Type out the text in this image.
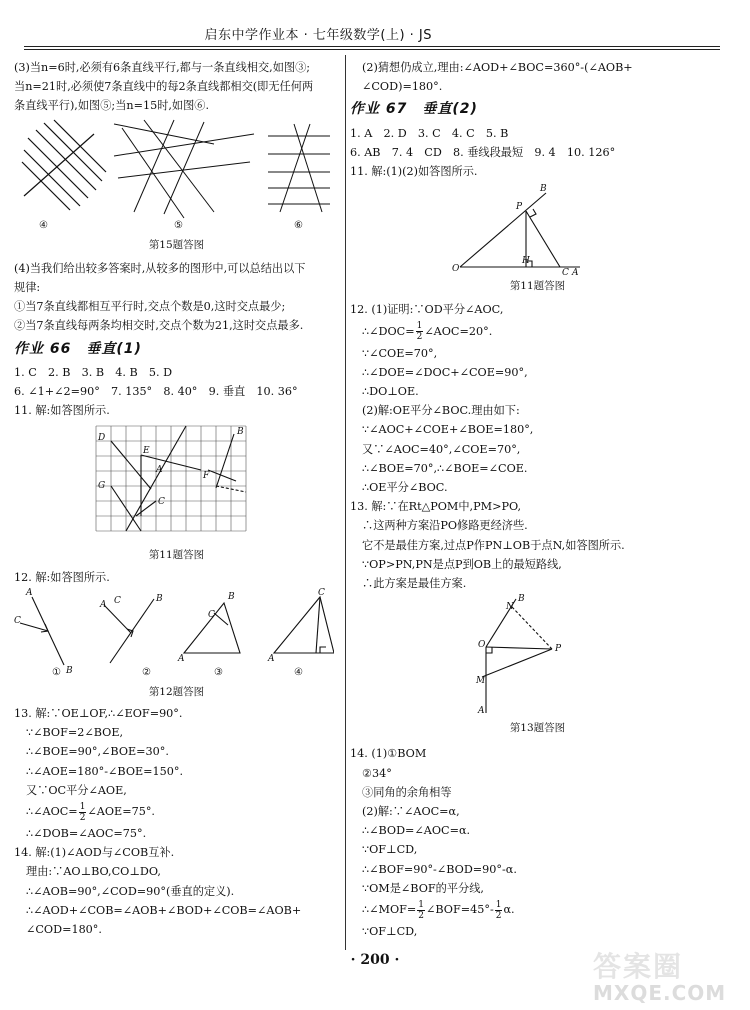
启东中学作业本 · 七年级数学(上) · JS
(3)当n=6时,必须有6条直线平行,都与一条直线相交,如图③;
当n=21时,必须使7条直线中的每2条直线都相交(即无任何两
条直线平行),如图⑤;当n=15时,如图⑥.
④	⑤	⑥
第15题答图
(4)当我们给出较多答案时,从较多的图形中,可以总结出以下
规律:
①当7条直线都相互平行时,交点个数是0,这时交点最少;
②当7条直线每两条均相交时,交点个数为21,这时交点最多.
作业 66　垂直(1)
1. C　2. B　3. B　4. B　5. D
6. ∠1+∠2=90°　7. 135°　8. 40°　9. 垂直　10. 36°
11. 解:如答图所示.
D
E
A
G
C
B
F
第11题答图
12. 解:如答图所示.
A
C
B
C
A
B	B
C
A
C
A
①	②	③	④
第12题答图
13. 解:∵OE⊥OF,∴∠EOF=90°.
∵∠BOF=2∠BOE,
∴∠BOE=90°,∠BOE=30°.
∴∠AOE=180°-∠BOE=150°.
又∵OC平分∠AOE,
∴∠AOC= $\frac{1}{2}$ ∠AOE=75°.
∴∠DOB=∠AOC=75°.
14. 解:(1)∠AOD与∠COB互补.
理由:∵AO⊥BO,CO⊥DO,
∴∠AOB=90°,∠COD=90°(垂直的定义).
∴∠AOD+∠COB=∠AOB+∠BOD+∠COB=∠AOB+
∠COD=180°.
(2)猜想仍成立,理由:∠AOD+∠BOC=360°-(∠AOB+
∠COD)=180°.
作业 67　垂直(2)
1. A　2. D　3. C　4. C　5. B
6. AB　7. 4　CD　8. 垂线段最短　9. 4　10. 126°
11. 解:(1)(2)如答图所示.
B
P
O
H
C A
第11题答图
12. (1)证明:∵OD平分∠AOC,
∴∠DOC= $\frac{1}{2}$ ∠AOC=20°.
∵∠COE=70°,
∴∠DOE=∠DOC+∠COE=90°,
∴DO⊥OE.
(2)解:OE平分∠BOC.理由如下:
∵∠AOC+∠COE+∠BOE=180°,
又∵∠AOC=40°,∠COE=70°,
∴∠BOE=70°,∴∠BOE=∠COE.
∴OE平分∠BOC.
13. 解:∵在Rt△POM中,PM>PO,
∴这两种方案沿PO修路更经济些.
它不是最佳方案,过点P作PN⊥OB于点N,如答图所示.
∵OP>PN,PN是点P到OB上的最短路线,
∴此方案是最佳方案.
B
N
O	P
M
A
第13题答图
14. (1)①BOM
②34°
③同角的余角相等
(2)解:∵∠AOC=α,
∴∠BOD=∠AOC=α.
∵OF⊥CD,
∴∠BOF=90°-∠BOD=90°-α.
∵OM是∠BOF的平分线,
∴∠MOF= $\frac{1}{2}$ ∠BOF=45°- $\frac{1}{2} \alpha$.
∵OF⊥CD,
· 200 ·	答案圈
MXQE.COM
